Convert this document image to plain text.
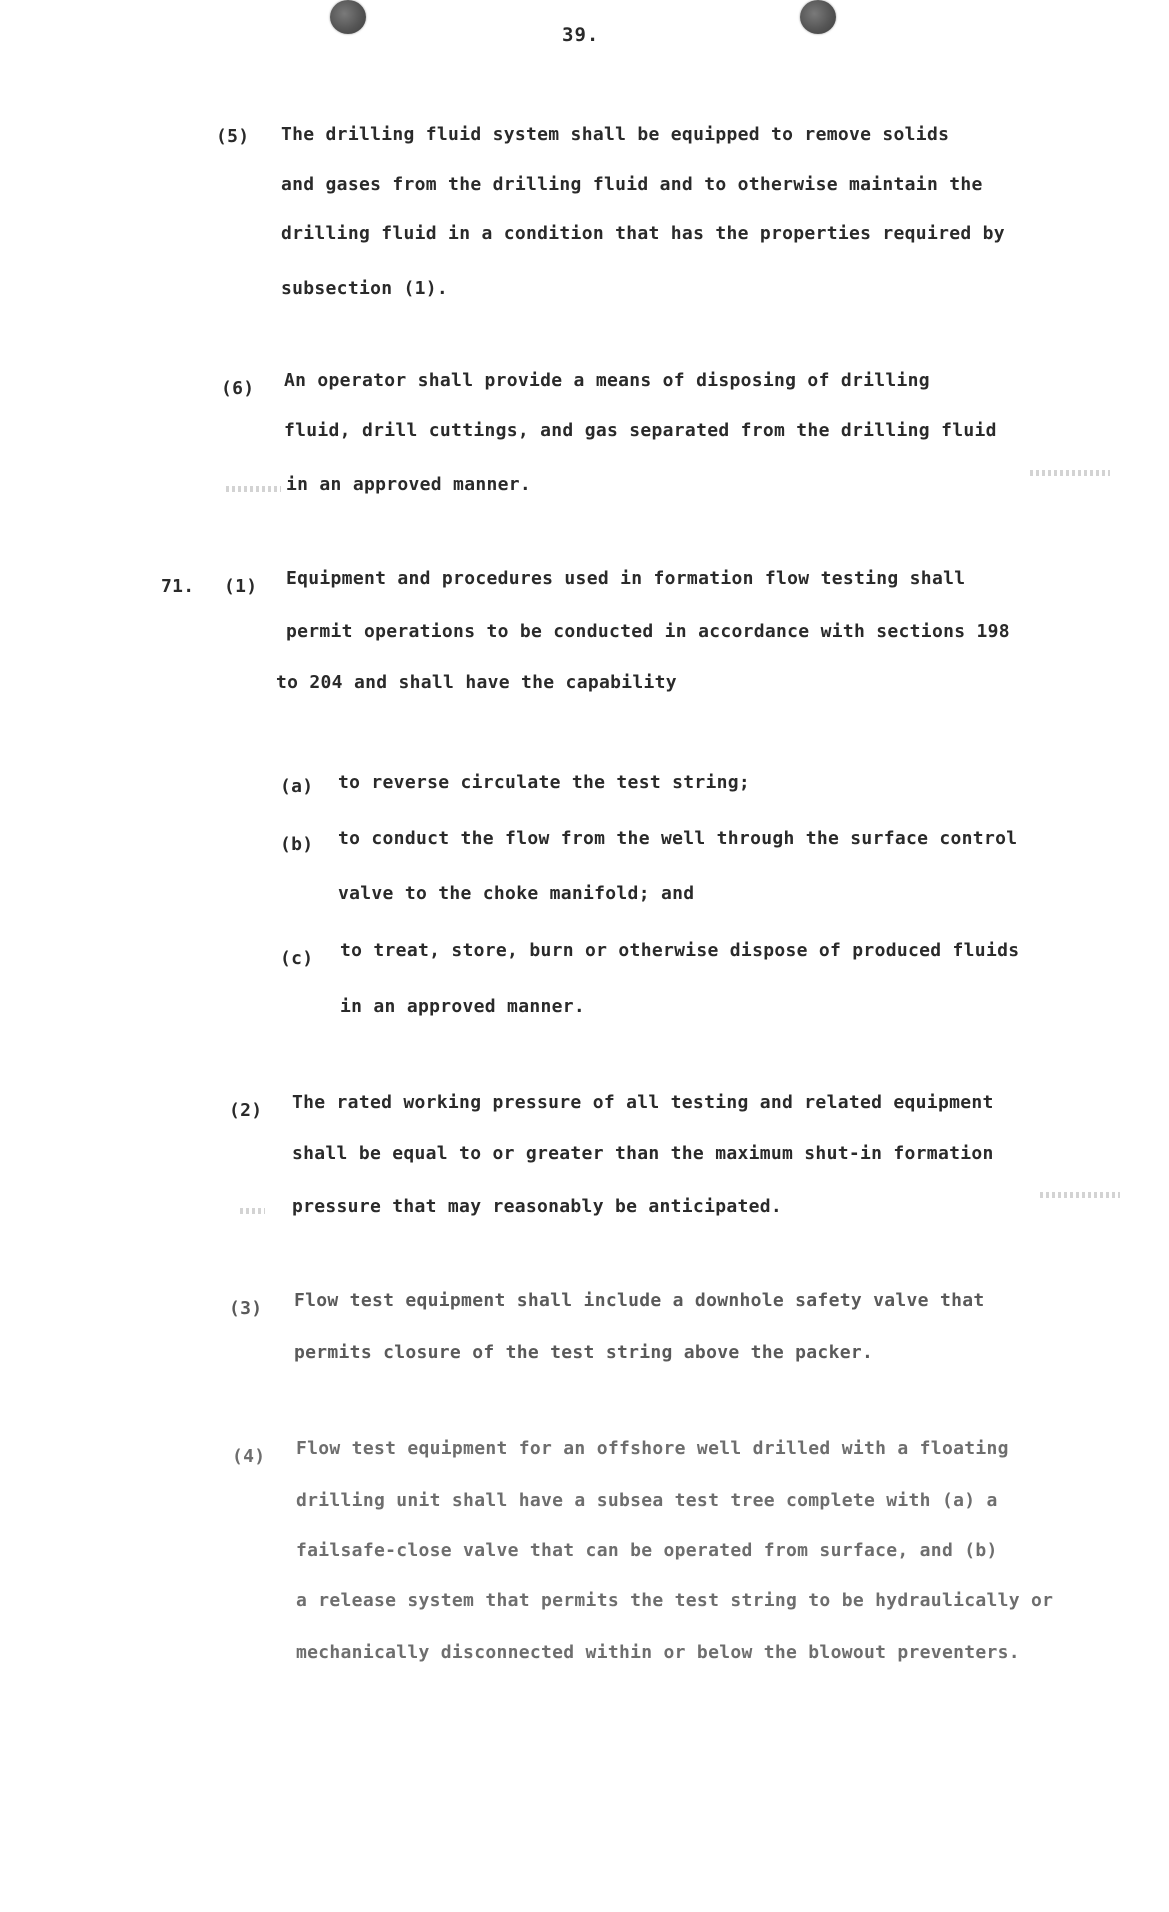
39.
(5) The drilling fluid system shall be equipped to remove solids
and gases from the drilling fluid and to otherwise maintain the
drilling fluid in a condition that has the properties required by
subsection (1).
(6) An operator shall provide a means of disposing of drilling
fluid, drill cuttings, and gas separated from the drilling fluid
in an approved manner.
71. (1) Equipment and procedures used in formation flow testing shall
permit operations to be conducted in accordance with sections 198
to 204 and shall have the capability
(a) to reverse circulate the test string;
(b) to conduct the flow from the well through the surface control
valve to the choke manifold; and
(c) to treat, store, burn or otherwise dispose of produced fluids
in an approved manner.
(2) The rated working pressure of all testing and related equipment
shall be equal to or greater than the maximum shut-in formation
pressure that may reasonably be anticipated.
(3) Flow test equipment shall include a downhole safety valve that
permits closure of the test string above the packer.
(4) Flow test equipment for an offshore well drilled with a floating
drilling unit shall have a subsea test tree complete with (a) a
failsafe-close valve that can be operated from surface, and (b)
a release system that permits the test string to be hydraulically or
mechanically disconnected within or below the blowout preventers.
